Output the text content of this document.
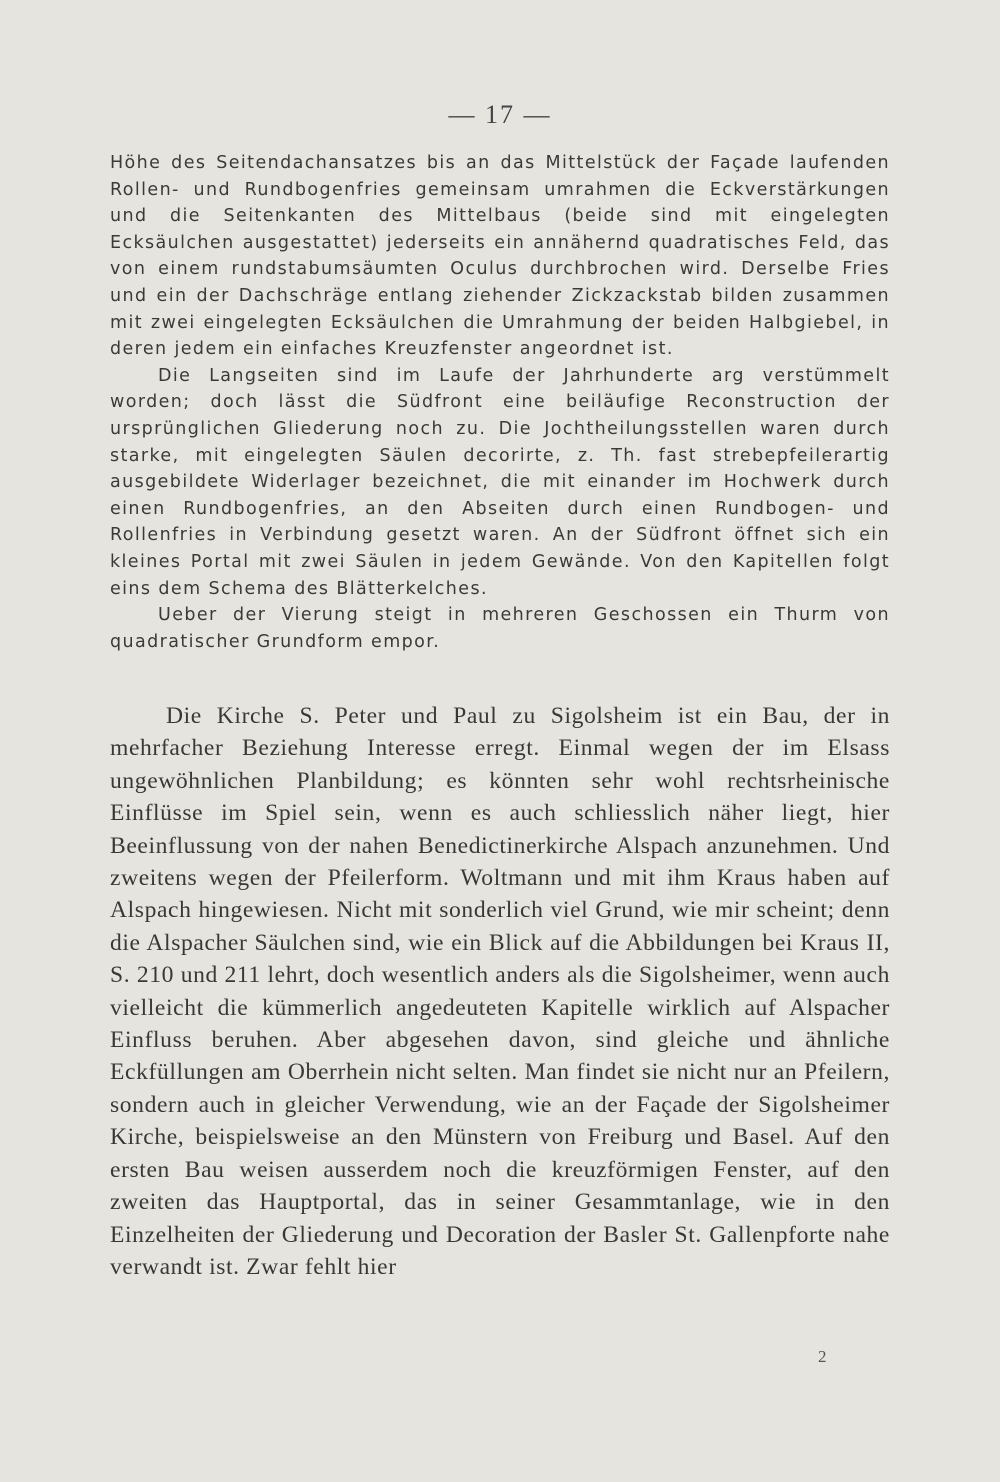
— 17 —

Höhe des Seitendachansatzes bis an das Mittelstück der Façade laufenden Rollen- und Rundbogenfries gemeinsam umrahmen die Eckverstärkungen und die Seitenkanten des Mittelbaus (beide sind mit eingelegten Ecksäulchen ausgestattet) jederseits ein annähernd quadratisches Feld, das von einem rundstabumsäumten Oculus durchbrochen wird. Derselbe Fries und ein der Dachschräge entlang ziehender Zickzackstab bilden zusammen mit zwei eingelegten Ecksäulchen die Umrahmung der beiden Halbgiebel, in deren jedem ein einfaches Kreuzfenster angeordnet ist.

Die Langseiten sind im Laufe der Jahrhunderte arg verstümmelt worden; doch lässt die Südfront eine beiläufige Reconstruction der ursprünglichen Gliederung noch zu. Die Jochtheilungsstellen waren durch starke, mit eingelegten Säulen decorirte, z. Th. fast strebepfeilerartig ausgebildete Widerlager bezeichnet, die mit einander im Hochwerk durch einen Rundbogenfries, an den Abseiten durch einen Rundbogen- und Rollenfries in Verbindung gesetzt waren. An der Südfront öffnet sich ein kleines Portal mit zwei Säulen in jedem Gewände. Von den Kapitellen folgt eins dem Schema des Blätterkelches.

Ueber der Vierung steigt in mehreren Geschossen ein Thurm von quadratischer Grundform empor.

Die Kirche S. Peter und Paul zu Sigolsheim ist ein Bau, der in mehrfacher Beziehung Interesse erregt. Einmal wegen der im Elsass ungewöhnlichen Planbildung; es könnten sehr wohl rechtsrheinische Einflüsse im Spiel sein, wenn es auch schliesslich näher liegt, hier Beeinflussung von der nahen Benedictinerkirche Alspach anzunehmen. Und zweitens wegen der Pfeilerform. Woltmann und mit ihm Kraus haben auf Alspach hingewiesen. Nicht mit sonderlich viel Grund, wie mir scheint; denn die Alspacher Säulchen sind, wie ein Blick auf die Abbildungen bei Kraus II, S. 210 und 211 lehrt, doch wesentlich anders als die Sigolsheimer, wenn auch vielleicht die kümmerlich angedeuteten Kapitelle wirklich auf Alspacher Einfluss beruhen. Aber abgesehen davon, sind gleiche und ähnliche Eckfüllungen am Oberrhein nicht selten. Man findet sie nicht nur an Pfeilern, sondern auch in gleicher Verwendung, wie an der Façade der Sigolsheimer Kirche, beispielsweise an den Münstern von Freiburg und Basel. Auf den ersten Bau weisen ausserdem noch die kreuzförmigen Fenster, auf den zweiten das Hauptportal, das in seiner Gesammtanlage, wie in den Einzelheiten der Gliederung und Decoration der Basler St. Gallenpforte nahe verwandt ist. Zwar fehlt hier

2
